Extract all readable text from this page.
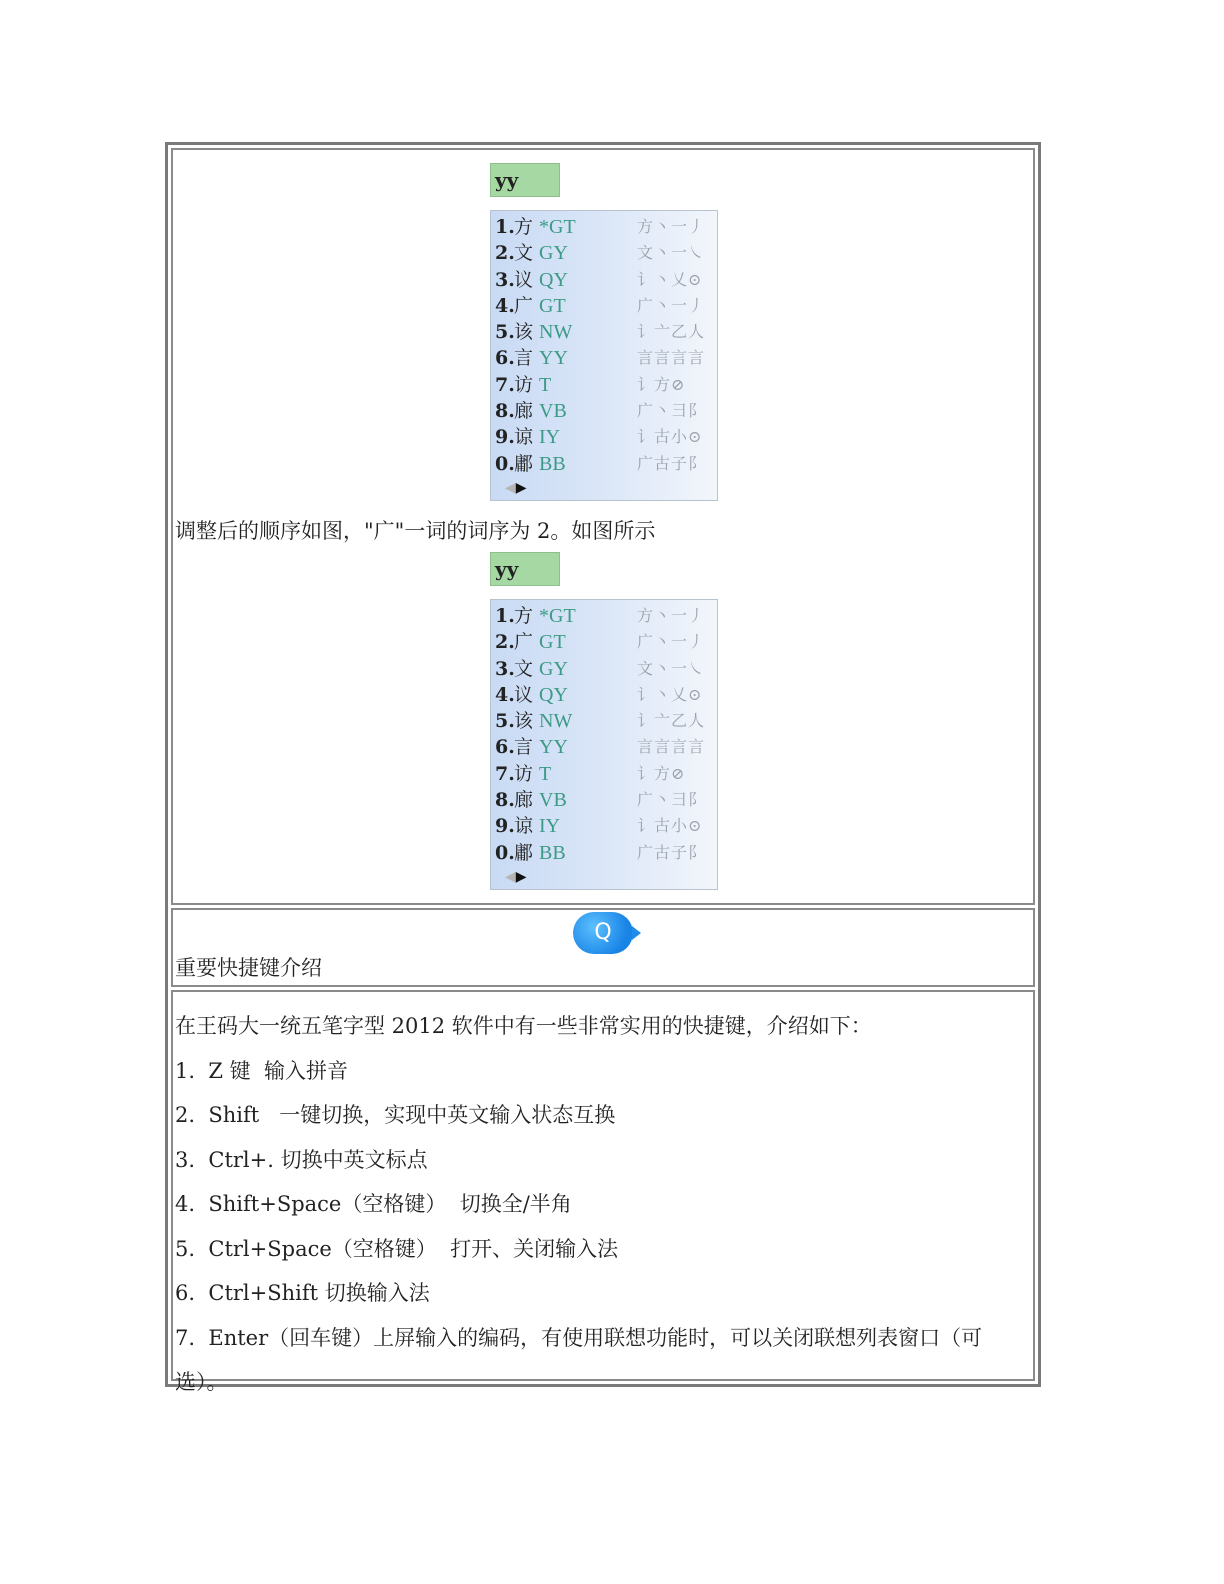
yy
1. 方 *GT	方丶一丿
2. 文 GY	文丶一㇏
3. 议 QY	讠丶乂⊙
4. 广 GT	广丶一丿
5. 该 NW	讠亠乙人
6. 言 YY	言言言言
7. 访 T	讠方⊘
8. 廊 VB	广丶彐阝
9. 谅 IY	讠古小⊙
0. 鄘 BB	广古子阝
◀▶
调整后的顺序如图，"广"一词的词序为 2。如图所示
yy
1. 方 *GT	方丶一丿
2. 广 GT	广丶一丿
3. 文 GY	文丶一㇏
4. 议 QY	讠丶乂⊙
5. 该 NW	讠亠乙人
6. 言 YY	言言言言
7. 访 T	讠方⊘
8. 廊 VB	广丶彐阝
9. 谅 IY	讠古小⊙
0. 鄘 BB	广古子阝
◀▶
Q
重要快捷键介绍
在王码大一统五笔字型 2012 软件中有一些非常实用的快捷键，介绍如下：
1.  Z 键  输入拼音
2.  Shift   一键切换，实现中英文输入状态互换
3.  Ctrl+. 切换中英文标点
4.  Shift+Space（空格键）  切换全/半角
5.  Ctrl+Space（空格键）  打开、关闭输入法
6.  Ctrl+Shift 切换输入法
7.  Enter（回车键）上屏输入的编码，有使用联想功能时，可以关闭联想列表窗口（可选）。
